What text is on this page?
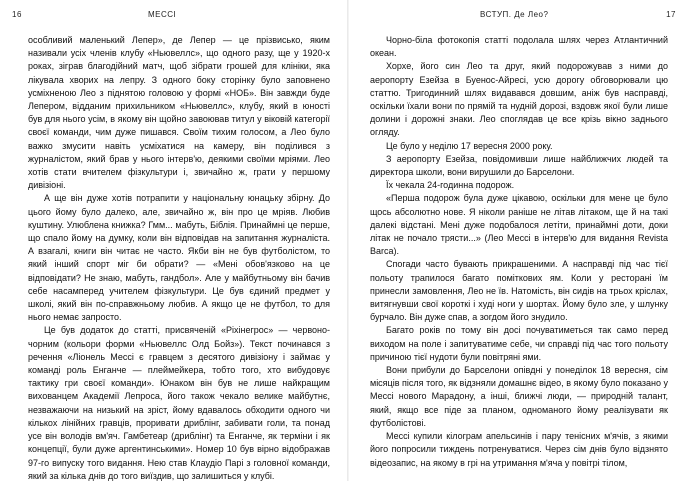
16	МЕССІ

особливий маленький Лепер», де Лепер — це прізвисько, яким називали усіх членів клубу «Ньювеллс», що одного разу, ще у 1920-х роках, зіграв благодійний матч, щоб зібрати грошей для клініки, яка лікувала хворих на лепру. З одного боку сторінку було заповнено усміхненою Лео з піднятою головою у формі «НОБ». Він завжди буде Лепером, відданим прихильником «Ньювеллс», клубу, який в юності був для нього усім, в якому він щойно завоював титул у віковій категорії своєї команди, чим дуже пишався. Своїм тихим голосом, а Лео було важко змусити навіть усміхатися на камеру, він поділився з журналістом, який брав у нього інтерв'ю, деякими своїми мріями. Лео хотів стати вчителем фізкультури і, звичайно ж, грати у першому дивізіоні.

А ще він дуже хотів потрапити у національну юнацьку збірну. До цього йому було далеко, але, звичайно ж, він про це мріяв. Любив куштину. Улюблена книжка? Гмм... мабуть, Біблія. Принаймні це перше, що спало йому на думку, коли він відповідав на запитання журналіста. А взагалі, книги він читає не часто. Якби він не був футболістом, то який інший спорт міг би обрати? — «Мені обов'язково на це відповідати? Не знаю, мабуть, гандбол». Але у майбутньому він бачив себе насамперед учителем фізкультури. Це був єдиний предмет у школі, який він по-справжньому любив. А якщо це не футбол, то для нього немає запросто.

Це був додаток до статті, присвяченій «Ріхінегрос» — червоно-чорним (кольори форми «Ньювеллс Олд Бойз»). Текст починався з речення «Ліонель Мессі є гравцем з десятого дивізіону і займає у команді роль Енганче — плеймейкера, тобто того, хто вибудовує тактику гри своєї команди». Юнаком він був не лише найкращим вихованцем Академії Лепроса, його також чекало велике майбутнє, незважаючи на низький на зріст, йому вдавалось обходити одного чи кількох лінійних гравців, проривати дриблінг, забивати голи, та понад усе він володів вм'яч. Гамбетеар (дриблінг) та Енганче, як терміни і як концепції, були дуже аргентинськими». Номер 10 був вірно відображав 97-го випуску того видання. Нею став Клаудіо Парі з головної команди, який за кілька днів до того виїздив, що залишиться у клубі.

ВСТУП. Де Лео?	17

Чорно-біла фотокопія статті подолала шлях через Атлантичний океан.

Хорхе, його син Лео та друг, який подорожував з ними до аеропорту Езейза в Буенос-Айресі, усю дорогу обговорювали цю статтю. Тригодинний шлях видавався довшим, аніж був насправді, оскільки їхали вони по прямій та нудній дорозі, вздовж якої були лише долини і дорожні знаки. Лео споглядав це все крізь вікно заднього огляду.

Це було у неділю 17 вересня 2000 року.

З аеропорту Езейза, повідомивши лише найближчих людей та директора школи, вони вирушили до Барселони.

Їх чекала 24-годинна подорож.

«Перша подорож була дуже цікавою, оскільки для мене це було щось абсолютно нове. Я ніколи раніше не літав літаком, ще й на такі далекі відстані. Мені дуже подобалося летіти, принаймні доти, доки літак не почало трясти...» (Лео Мессі в інтерв'ю для видання Revista Barca).

Спогади часто бувають прикрашеними. А насправді під час тієї польоту трапилося багато поміткових ям. Коли у ресторані їм принесли замовлення, Лео не їв. Натомість, він сидів на трьох кріслах, витягнувши свої короткі і худі ноги у шортах. Йому було зле, у шлунку бурчало. Він дуже спав, а зогдом його знудило.

Багато років по тому він досі почуватиметься так само перед виходом на поле і запитуватиме себе, чи справді під час того польоту причиною тієї нудоти були повітряні ями.

Вони прибули до Барселони опівдні у понеділок 18 вересня, сім місяців після того, як відзняли домашнє відео, в якому було показано у Мессі нового Марадону, а інші, ближчі люди, — природній талант, який, якщо все піде за планом, одноманого йому реалізувати як футболістові.

Мессі купили кілограм апельсинів і пару тенісних м'ячів, з якими його попросили тиждень потренуватися. Через сім днів було відзнято відеозапис, на якому в грі на утримання м'яча у повітрі тілом,
